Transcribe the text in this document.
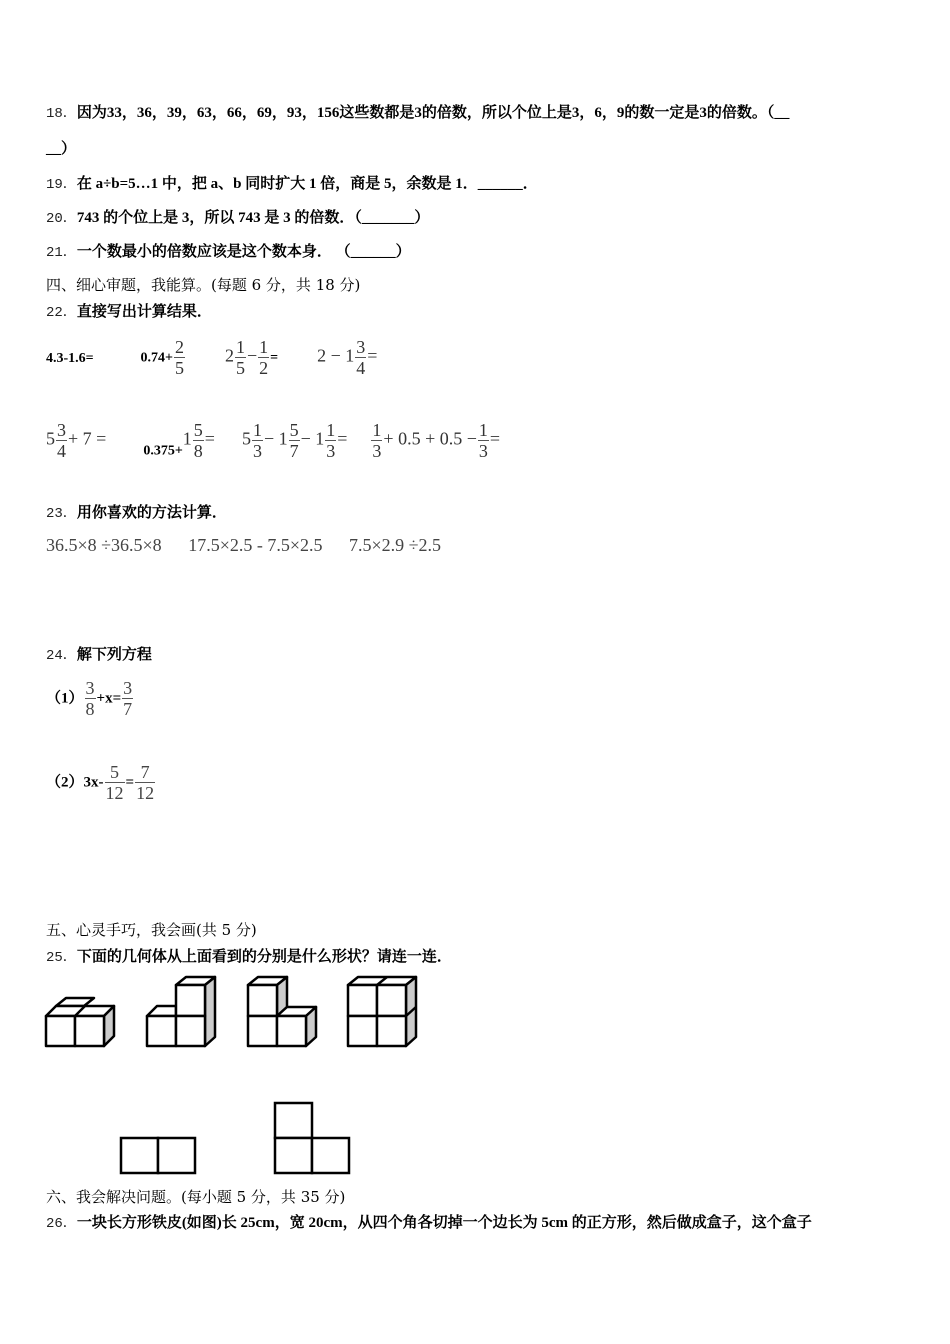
18．因为33，36，39，63，66，69，93，156这些数都是3的倍数，所以个位上是3，6，9的数一定是3的倍数。（__
__）
19．在 a÷b=5…1 中，把 a、b 同时扩大 1 倍，商是 5，余数是 1．______．
20．743 的个位上是 3，所以 743 是 3 的倍数．（_______）
21．一个数最小的倍数应该是这个数本身． （______）
四、细心审题，我能算。(每题 6 分，共 18 分)
22．直接写出计算结果．
4.3-1.6=	$0.74+ \frac{2}{5} 2 \frac{1}{5} - \frac{1}{2} = 2 - 1 \frac{3}{4}$ =
$5 \frac{3}{4} + 7 = _{0.375+}1 \frac{5}{8} = 5 \frac{1}{3} - 1 \frac{5}{7} - 1 \frac{1}{3} = \frac{1}{3} + 0.5 + 0.5 - \frac{1}{3}$ =
23．用你喜欢的方法计算．
36.5×8 ÷36.5×8 17.5×2.5 - 7.5×2.5 7.5×2.9 ÷2.5
24．解下列方程
$(1) \frac{3}{8} +x= \frac{3}{7}$
$(2)3x- \frac{5}{12} = \frac{7}{12}$
五、心灵手巧，我会画(共 5 分)
25．下面的几何体从上面看到的分别是什么形状？请连一连．
六、我会解决问题。(每小题 5 分，共 35 分)
26．一块长方形铁皮(如图)长 25cm，宽 20cm，从四个角各切掉一个边长为 5cm 的正方形，然后做成盒子，这个盒子
